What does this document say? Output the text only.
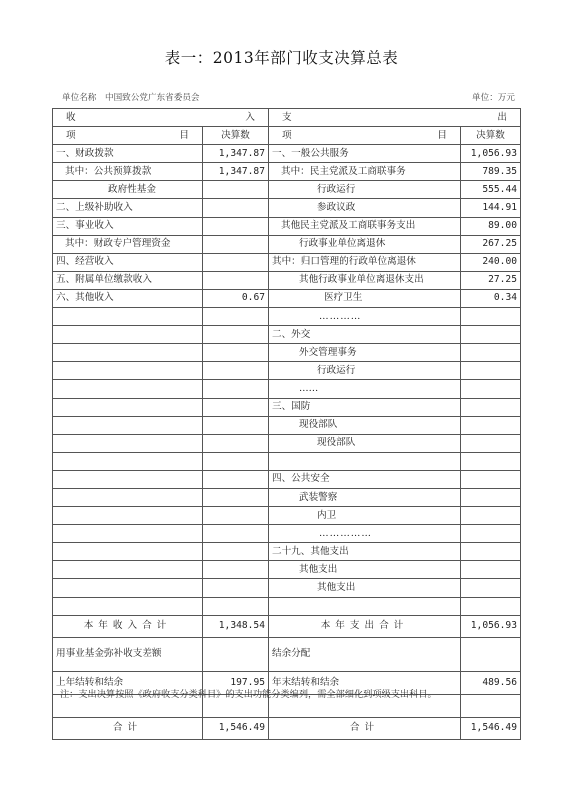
表一：2013年部门收支决算总表
单位名称　中国致公党广东省委员会	单位：万元
收 入		支 出	

项 目	决算数	项 目	决算数
一、财政拨款	1,347.87	一、一般公共服务	1,056.93
其中：公共预算拨款	1,347.87	其中：民主党派及工商联事务	789.35
政府性基金		行政运行	555.44
二、上级补助收入		参政议政	144.91
三、事业收入		其他民主党派及工商联事务支出	89.00
其中：财政专户管理资金		行政事业单位离退休	267.25
四、经营收入		其中：归口管理的行政单位离退休	240.00
五、附属单位缴款收入		其他行政事业单位离退休支出	27.25
六、其他收入	0.67	医疗卫生	0.34
		…………	
		二、外交	
		外交管理事务	
		行政运行	
		……	
		三、国防	
		现役部队	
		现役部队	

		四、公共安全	
		武装警察	
		内卫	
		……………	
		二十九、其他支出	
		其他支出	
		其他支出	

本年收入合计	1,348.54	本年支出合计	1,056.93
用事业基金弥补收支差额		结余分配	
上年结转和结余	197.95	年末结转和结余	489.56

合计	1,546.49	合计	1,546.49
注：支出决算按照《政府收支分类科目》的支出功能分类编列，需全部细化到项级支出科目。
